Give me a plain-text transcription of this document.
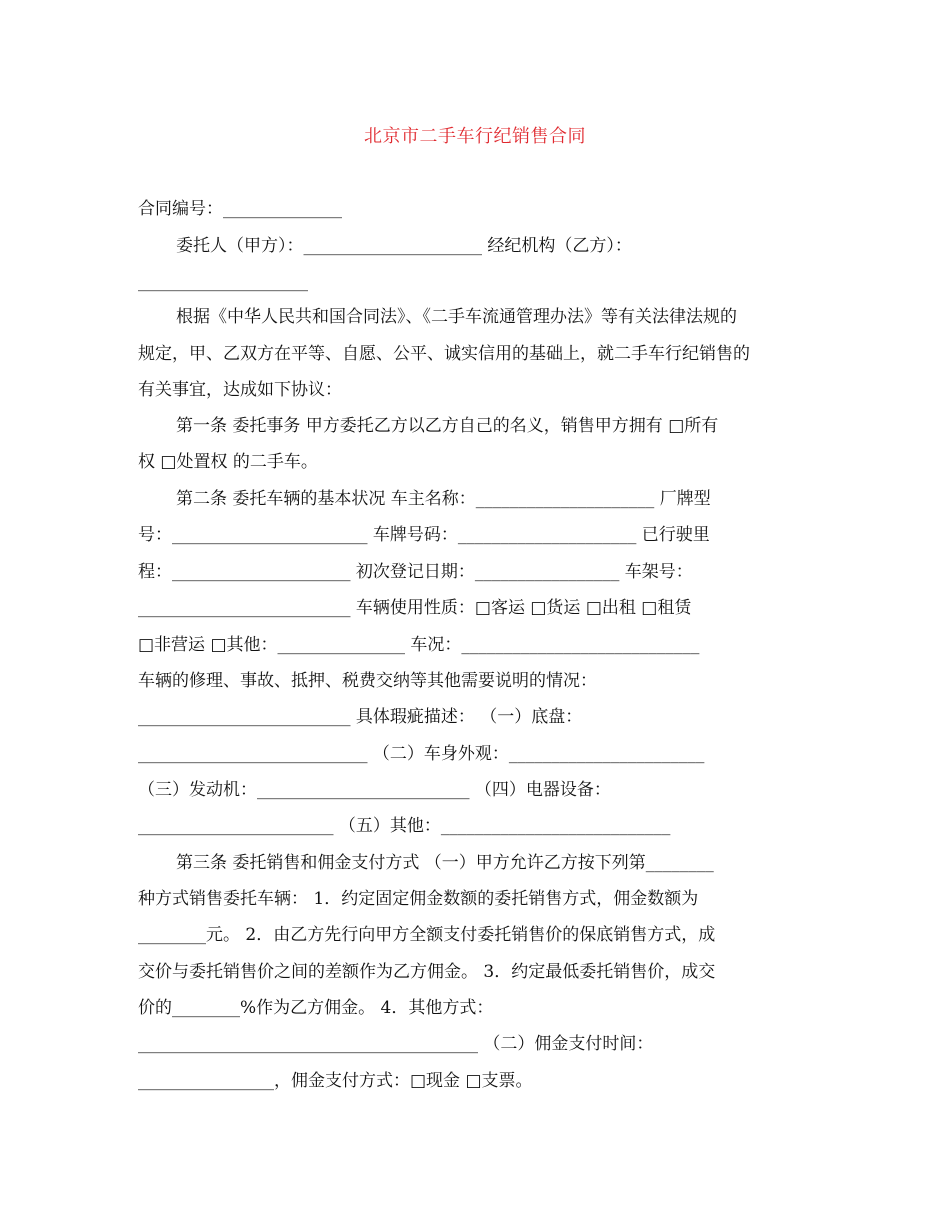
北京市二手车行纪销售合同
合同编号：______________
委托人（甲方）：_____________________ 经纪机构（乙方）：
____________________
根据《中华人民共和国合同法》、《二手车流通管理办法》等有关法律法规的
规定，甲、乙双方在平等、自愿、公平、诚实信用的基础上，就二手车行纪销售的
有关事宜，达成如下协议：
第一条 委托事务 甲方委托乙方以乙方自己的名义，销售甲方拥有 □所有
权 □处置权 的二手车。
第二条 委托车辆的基本状况 车主名称：_____________________ 厂牌型
号：_______________________ 车牌号码：_____________________ 已行驶里
程：_____________________ 初次登记日期：_________________ 车架号：
_________________________ 车辆使用性质：□客运 □货运 □出租 □租赁
□非营运 □其他：_______________ 车况：____________________________
车辆的修理、事故、抵押、税费交纳等其他需要说明的情况：
_________________________ 具体瑕疵描述： （一）底盘：
___________________________ （二）车身外观：_______________________
（三）发动机：_________________________ （四）电器设备：
_______________________ （五）其他：___________________________
第三条 委托销售和佣金支付方式 （一）甲方允许乙方按下列第________
种方式销售委托车辆： 1．约定固定佣金数额的委托销售方式，佣金数额为
________元。 2．由乙方先行向甲方全额支付委托销售价的保底销售方式，成
交价与委托销售价之间的差额作为乙方佣金。 3．约定最低委托销售价，成交
价的________%作为乙方佣金。 4．其他方式：
________________________________________ （二）佣金支付时间：
________________，佣金支付方式：□现金 □支票。
